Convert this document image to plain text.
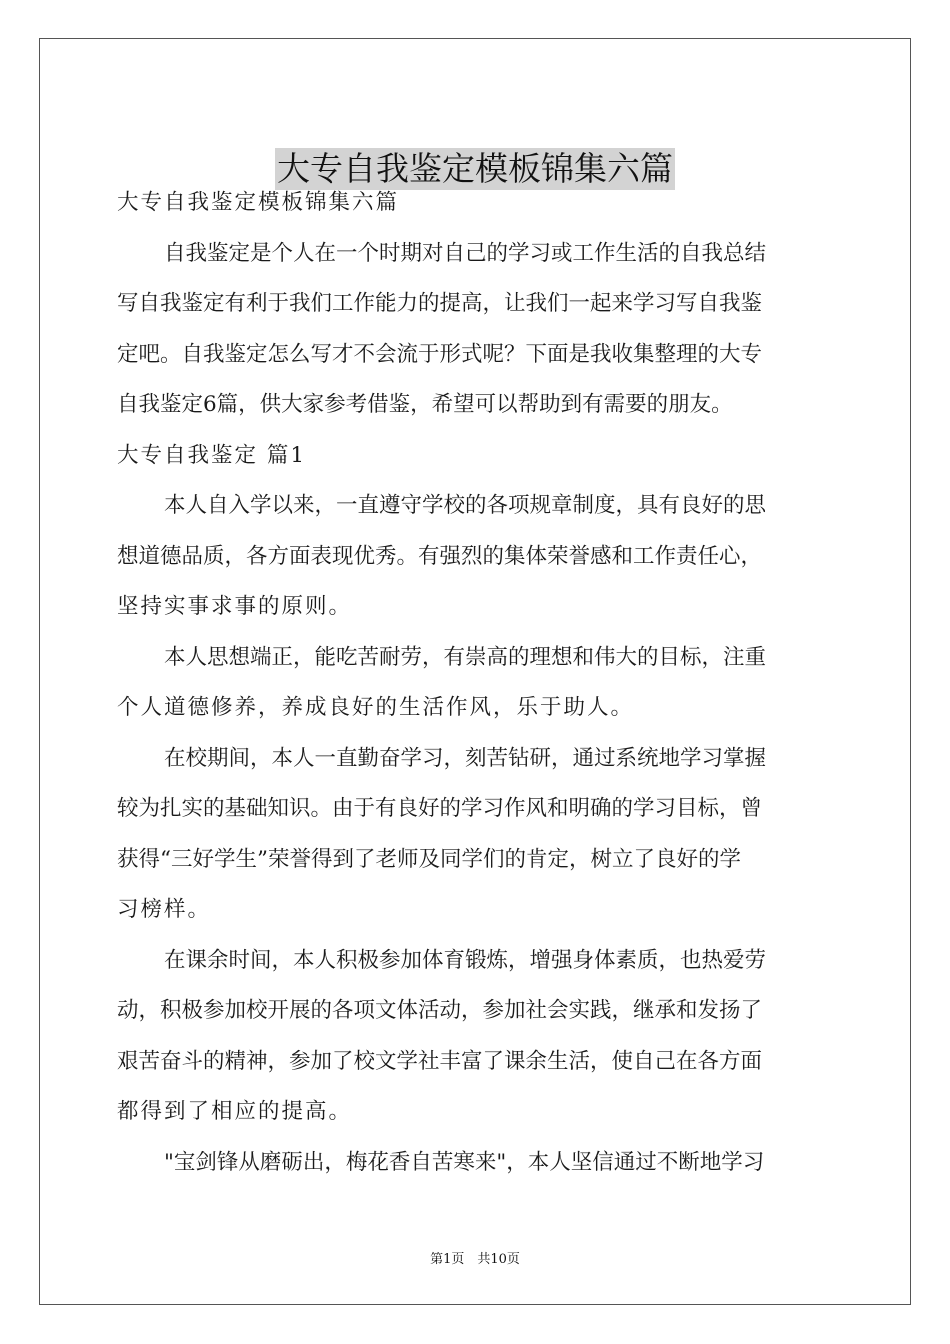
大专自我鉴定模板锦集六篇
大专自我鉴定模板锦集六篇
自我鉴定是个人在一个时期对自己的学习或工作生活的自我总结
写自我鉴定有利于我们工作能力的提高，让我们一起来学习写自我鉴
定吧。自我鉴定怎么写才不会流于形式呢？下面是我收集整理的大专
自我鉴定6篇，供大家参考借鉴，希望可以帮助到有需要的朋友。
大专自我鉴定 篇1
本人自入学以来，一直遵守学校的各项规章制度，具有良好的思
想道德品质，各方面表现优秀。有强烈的集体荣誉感和工作责任心，
坚持实事求事的原则。
本人思想端正，能吃苦耐劳，有崇高的理想和伟大的目标，注重
个人道德修养，养成良好的生活作风，乐于助人。
在校期间，本人一直勤奋学习，刻苦钻研，通过系统地学习掌握
较为扎实的基础知识。由于有良好的学习作风和明确的学习目标，曾
获得“三好学生”荣誉得到了老师及同学们的肯定，树立了良好的学
习榜样。
在课余时间，本人积极参加体育锻炼，增强身体素质，也热爱劳
动，积极参加校开展的各项文体活动，参加社会实践，继承和发扬了
艰苦奋斗的精神，参加了校文学社丰富了课余生活，使自己在各方面
都得到了相应的提高。
"宝剑锋从磨砺出，梅花香自苦寒来"，本人坚信通过不断地学习
第1页　共10页
